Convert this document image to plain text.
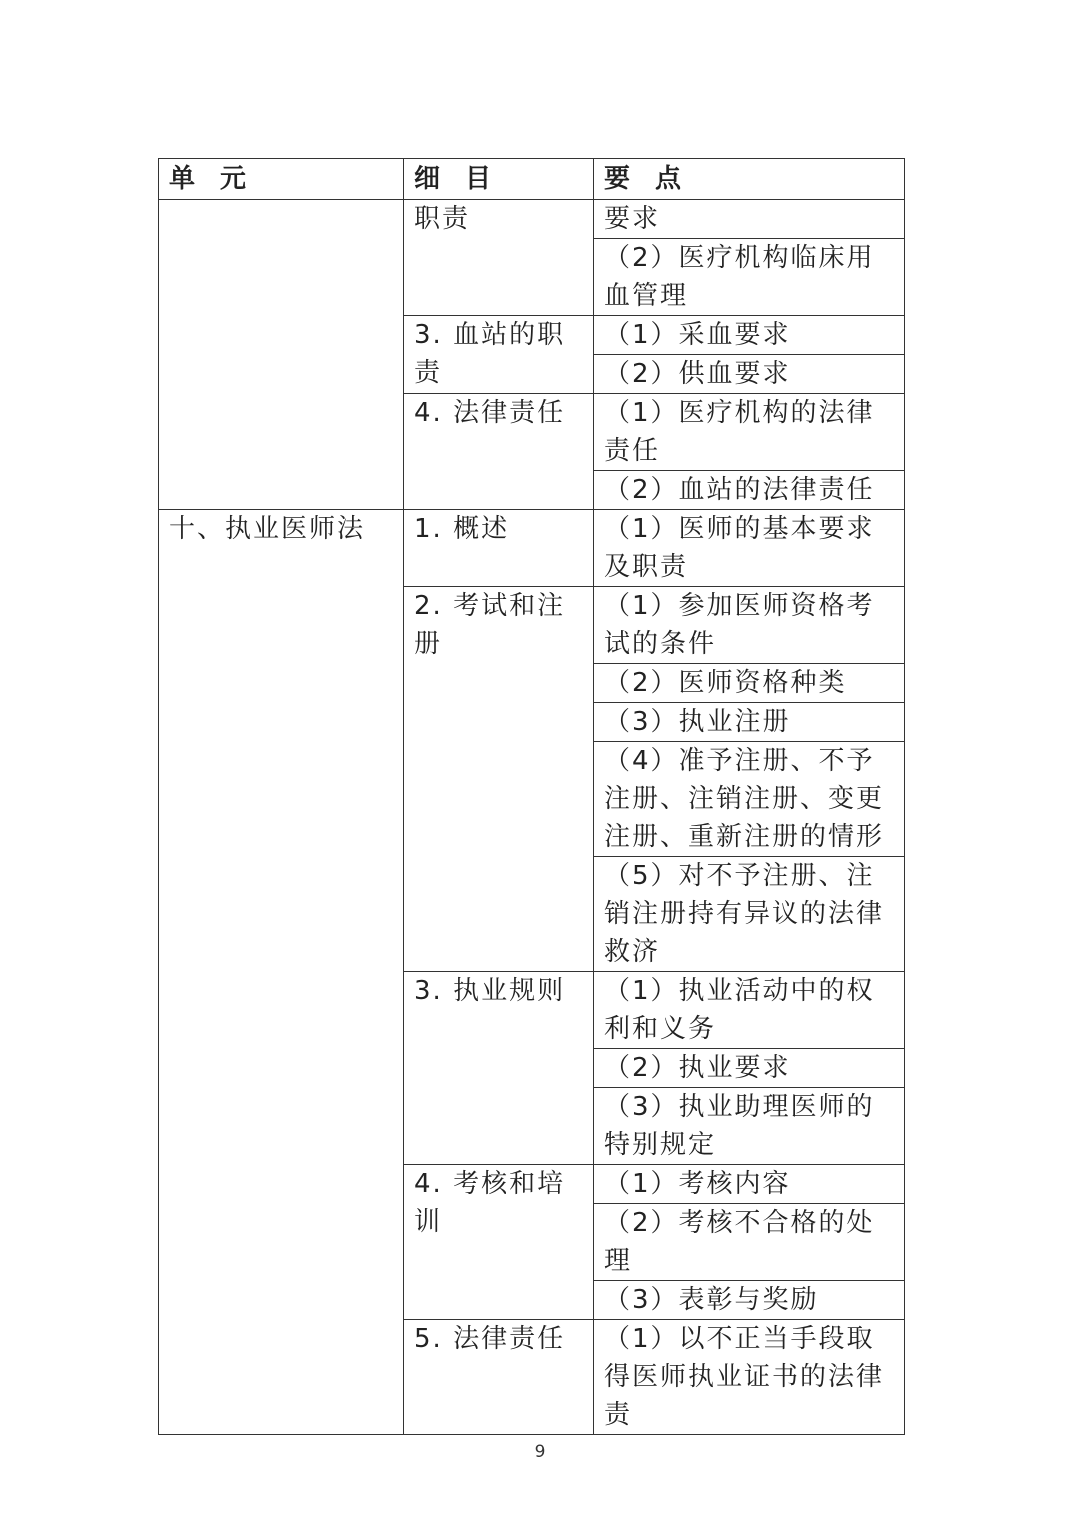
单 元	细 目	要 点
	职责	要求
		（2）医疗机构临床用血管理
	3. 血站的职责	（1）采血要求
		（2）供血要求
	4. 法律责任	（1）医疗机构的法律责任
		（2）血站的法律责任
十、执业医师法	1. 概述	（1）医师的基本要求及职责
	2. 考试和注册	（1）参加医师资格考试的条件
		（2）医师资格种类
		（3）执业注册
		（4）准予注册、不予注册、注销注册、变更注册、重新注册的情形
		（5）对不予注册、注销注册持有异议的法律救济
	3. 执业规则	（1）执业活动中的权利和义务
		（2）执业要求
		（3）执业助理医师的特别规定
	4. 考核和培训	（1）考核内容
		（2）考核不合格的处理
		（3）表彰与奖励
	5. 法律责任	（1）以不正当手段取得医师执业证书的法律责
9
